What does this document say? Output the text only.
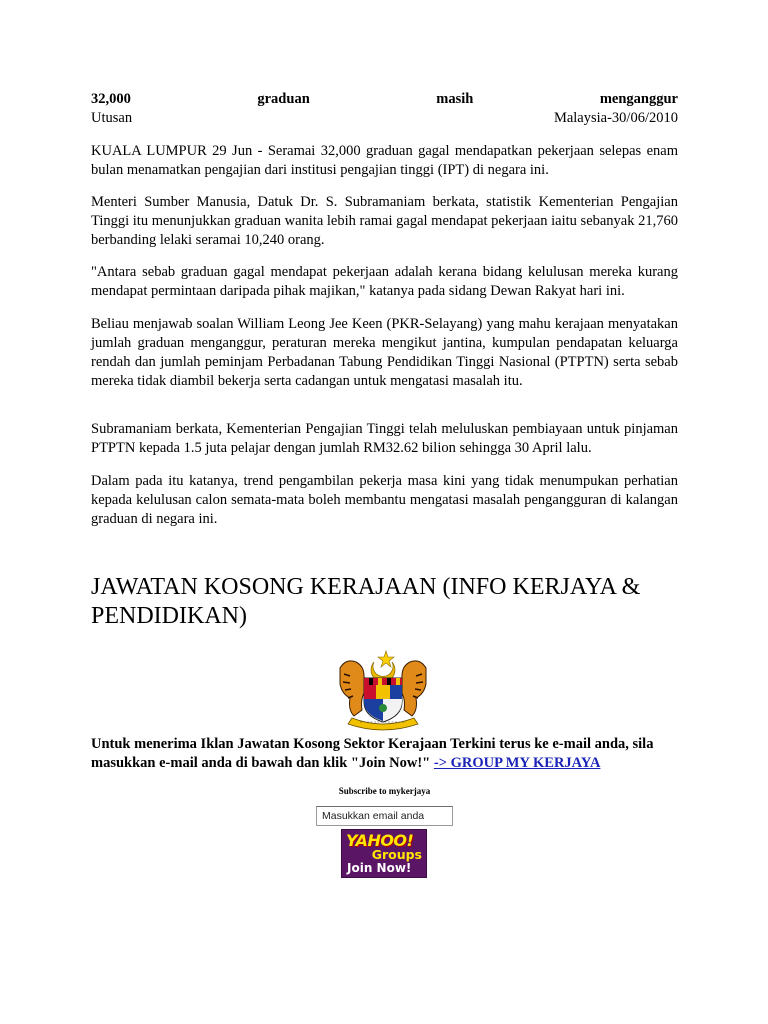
32,000	graduan	masih	menganggur
Utusan	Malaysia-30/06/2010

KUALA LUMPUR 29 Jun - Seramai 32,000 graduan gagal mendapatkan pekerjaan selepas enam bulan menamatkan pengajian dari institusi pengajian tinggi (IPT) di negara ini.

Menteri Sumber Manusia, Datuk Dr. S. Subramaniam berkata, statistik Kementerian Pengajian Tinggi itu menunjukkan graduan wanita lebih ramai gagal mendapat pekerjaan iaitu sebanyak 21,760 berbanding lelaki seramai 10,240 orang.

"Antara sebab graduan gagal mendapat pekerjaan adalah kerana bidang kelulusan mereka kurang mendapat permintaan daripada pihak majikan," katanya pada sidang Dewan Rakyat hari ini.

Beliau menjawab soalan William Leong Jee Keen (PKR-Selayang) yang mahu kerajaan menyatakan jumlah graduan menganggur, peraturan mereka mengikut jantina, kumpulan pendapatan keluarga rendah dan jumlah peminjam Perbadanan Tabung Pendidikan Tinggi Nasional (PTPTN) serta sebab mereka tidak diambil bekerja serta cadangan untuk mengatasi masalah itu.

Subramaniam berkata, Kementerian Pengajian Tinggi telah meluluskan pembiayaan untuk pinjaman PTPTN kepada 1.5 juta pelajar dengan jumlah RM32.62 bilion sehingga 30 April lalu.

Dalam pada itu katanya, trend pengambilan pekerja masa kini yang tidak menumpukan perhatian kepada kelulusan calon semata-mata boleh membantu mengatasi masalah pengangguran di kalangan graduan di negara ini.

JAWATAN KOSONG KERAJAAN (INFO KERJAYA & PENDIDIKAN)
Untuk menerima Iklan Jawatan Kosong Sektor Kerajaan Terkini terus ke e-mail anda, sila masukkan e-mail anda di bawah dan klik "Join Now!" -> GROUP MY KERJAYA
Subscribe to mykerjaya
Masukkan email anda
YAHOO!
Groups
Join Now!
